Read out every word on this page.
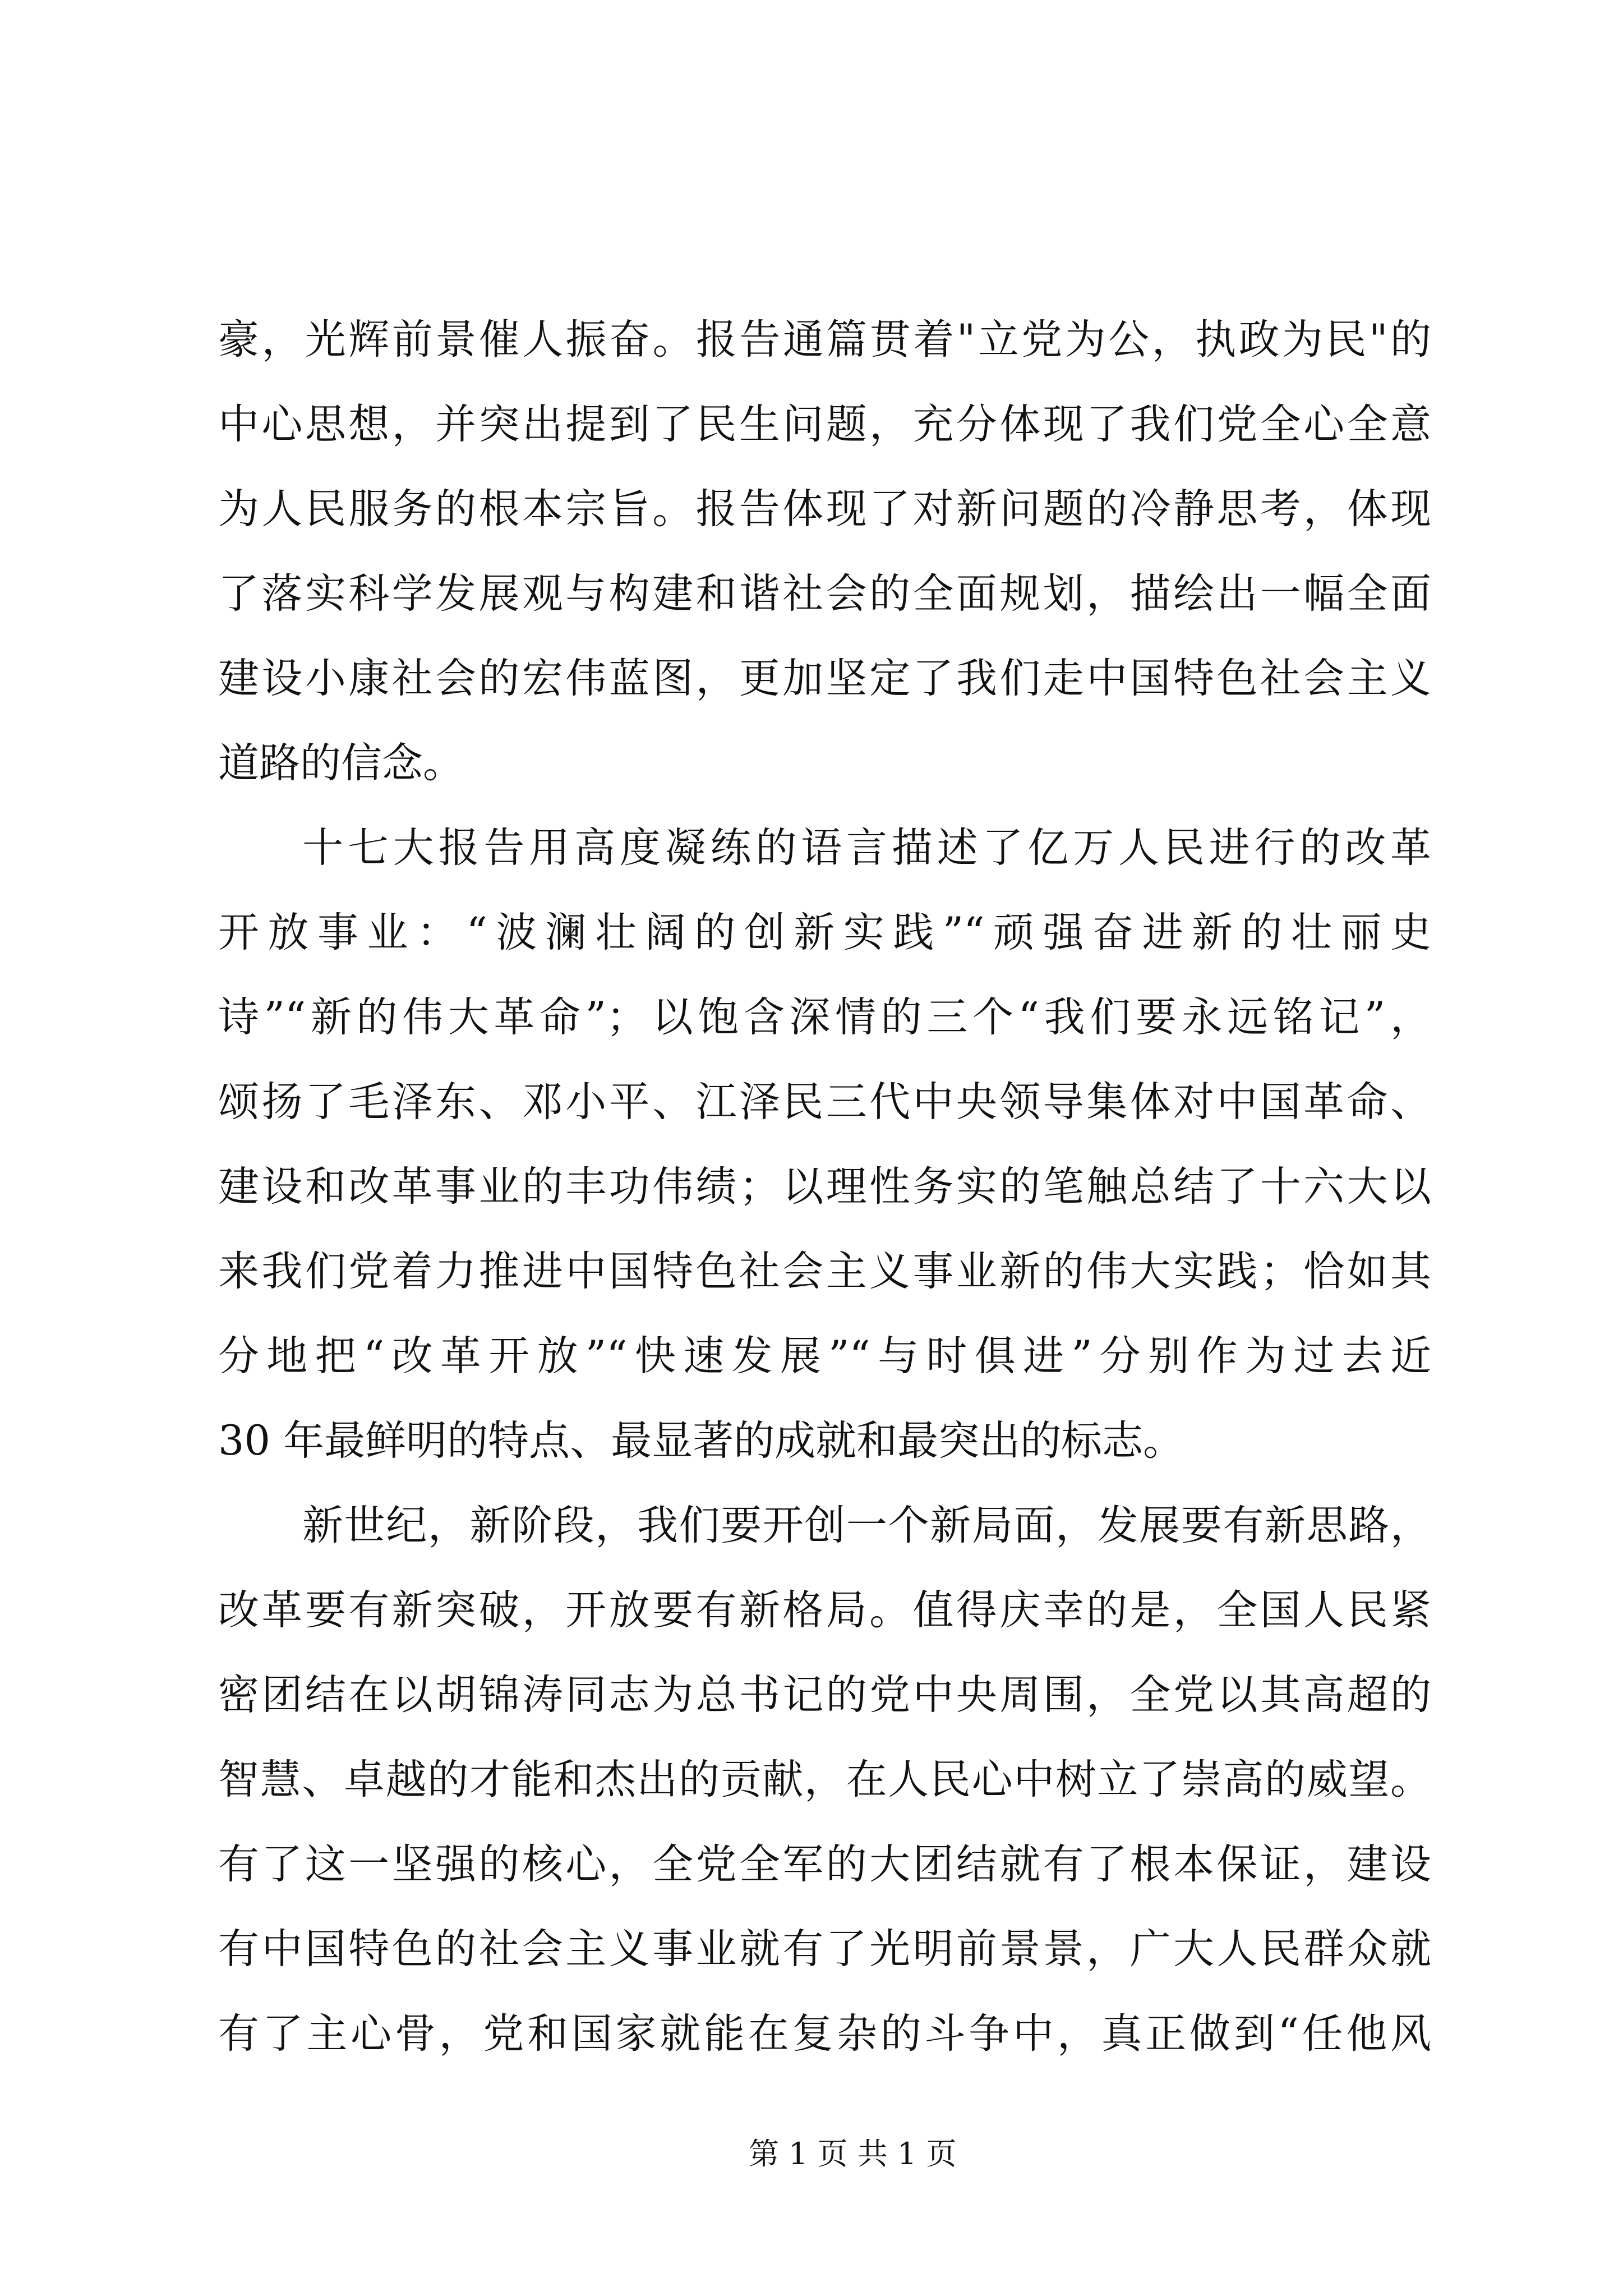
豪，光辉前景催人振奋。报告通篇贯着"立党为公，执政为民"的
中心思想，并突出提到了民生问题，充分体现了我们党全心全意
为人民服务的根本宗旨。报告体现了对新问题的冷静思考，体现
了落实科学发展观与构建和谐社会的全面规划，描绘出一幅全面
建设小康社会的宏伟蓝图，更加坚定了我们走中国特色社会主义
道路的信念。
十七大报告用高度凝练的语言描述了亿万人民进行的改革
开放事业：“波澜壮阔的创新实践”“顽强奋进新的壮丽史
诗”“新的伟大革命”；以饱含深情的三个“我们要永远铭记”，
颂扬了毛泽东、邓小平、江泽民三代中央领导集体对中国革命、
建设和改革事业的丰功伟绩；以理性务实的笔触总结了十六大以
来我们党着力推进中国特色社会主义事业新的伟大实践；恰如其
分地把“改革开放”“快速发展”“与时俱进”分别作为过去近
30 年最鲜明的特点、最显著的成就和最突出的标志。
新世纪，新阶段，我们要开创一个新局面，发展要有新思路，
改革要有新突破，开放要有新格局。值得庆幸的是，全国人民紧
密团结在以胡锦涛同志为总书记的党中央周围，全党以其高超的
智慧、卓越的才能和杰出的贡献，在人民心中树立了崇高的威望。
有了这一坚强的核心，全党全军的大团结就有了根本保证，建设
有中国特色的社会主义事业就有了光明前景景，广大人民群众就
有了主心骨，党和国家就能在复杂的斗争中，真正做到“任他风
第 1 页 共 1 页
